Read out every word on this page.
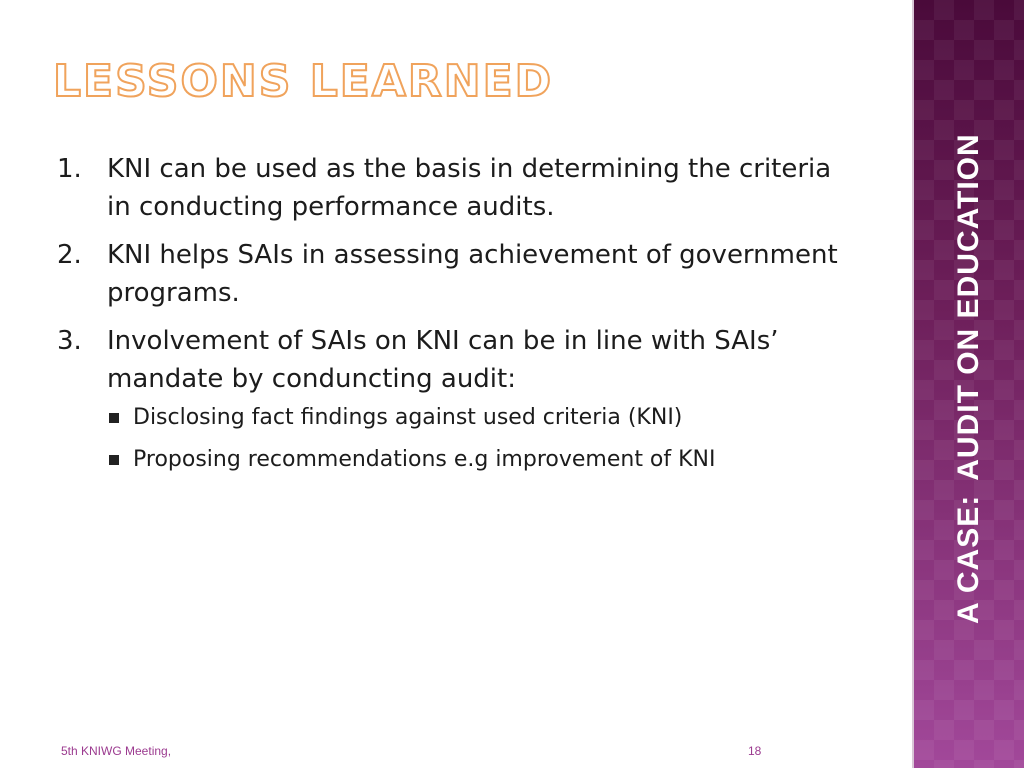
LESSONS LEARNED
1. KNI can be used as the basis in determining the criteria in conducting performance audits.
2. KNI helps SAIs in assessing achievement of government programs.
3. Involvement of SAIs on KNI can be in line with SAIs’ mandate by conduncting audit:
Disclosing fact findings against used criteria (KNI)
Proposing recommendations e.g improvement of KNI
5th KNIWG Meeting,	18
A CASE:AUDIT ON EDUCATION
